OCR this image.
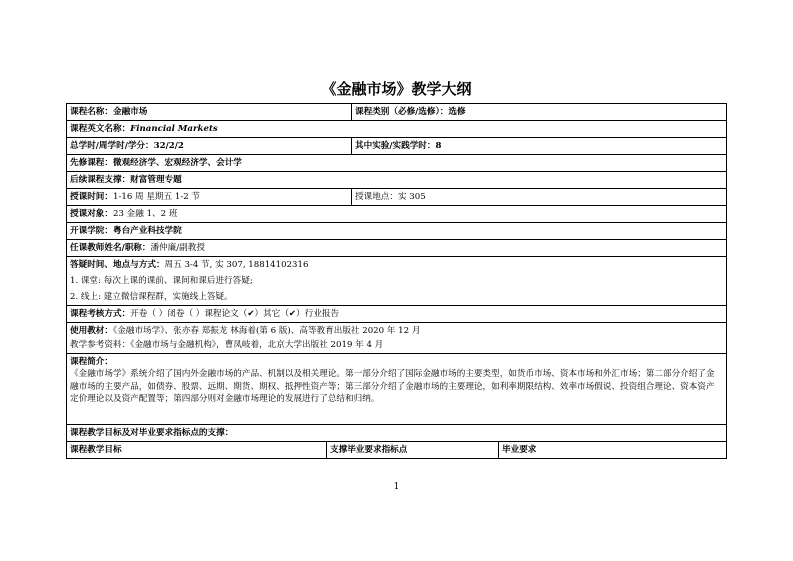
《金融市场》教学大纲
课程名称：金融市场		课程类别（必修/选修）：选修	
课程英文名称：Financial Markets			
总学时/周学时/学分：32/2/2		其中实验/实践学时：8	
先修课程：微观经济学、宏观经济学、会计学			
后续课程支撑：财富管理专题			
授课时间：1-16 周 星期五 1-2 节		授课地点：实 305	
授课对象：23 金融 1、2 班			
开课学院：粤台产业科技学院			
任课教师姓名/职称：潘仲廉/副教授			

答疑时间、地点与方式：周五 3-4 节, 实 307, 18814102316
1. 课堂: 每次上课的课前、课间和课后进行答疑;
2. 线上: 建立微信课程群，实施线上答疑。			

课程考核方式：开卷（ ）闭卷（ ）课程论文（✔）其它（✔）行业报告			

使用教材：《金融市场学》、张亦春 郑振龙 林海着(第 6 版)、高等教育出版社 2020 年 12 月
教学参考资料：《金融市场与金融机构》，曹凤岐着，北京大学出版社 2019 年 4 月			

课程简介：
《金融市场学》系统介绍了国内外金融市场的产品、机制以及相关理论。第一部分介绍了国际金融市场的主要类型，如货币市场、资本市场和外汇市场；第二部分介绍了金融市场的主要产品，如债券、股票、远期、期货、期权、抵押性资产等；第三部分介绍了金融市场的主要理论，如利率期限结构、效率市场假说、投资组合理论、资本资产定价理论以及资产配置等；第四部分则对金融市场理论的发展进行了总结和归纳。			

课程教学目标及对毕业要求指标点的支撑：			
课程教学目标	支撑毕业要求指标点		毕业要求
1
